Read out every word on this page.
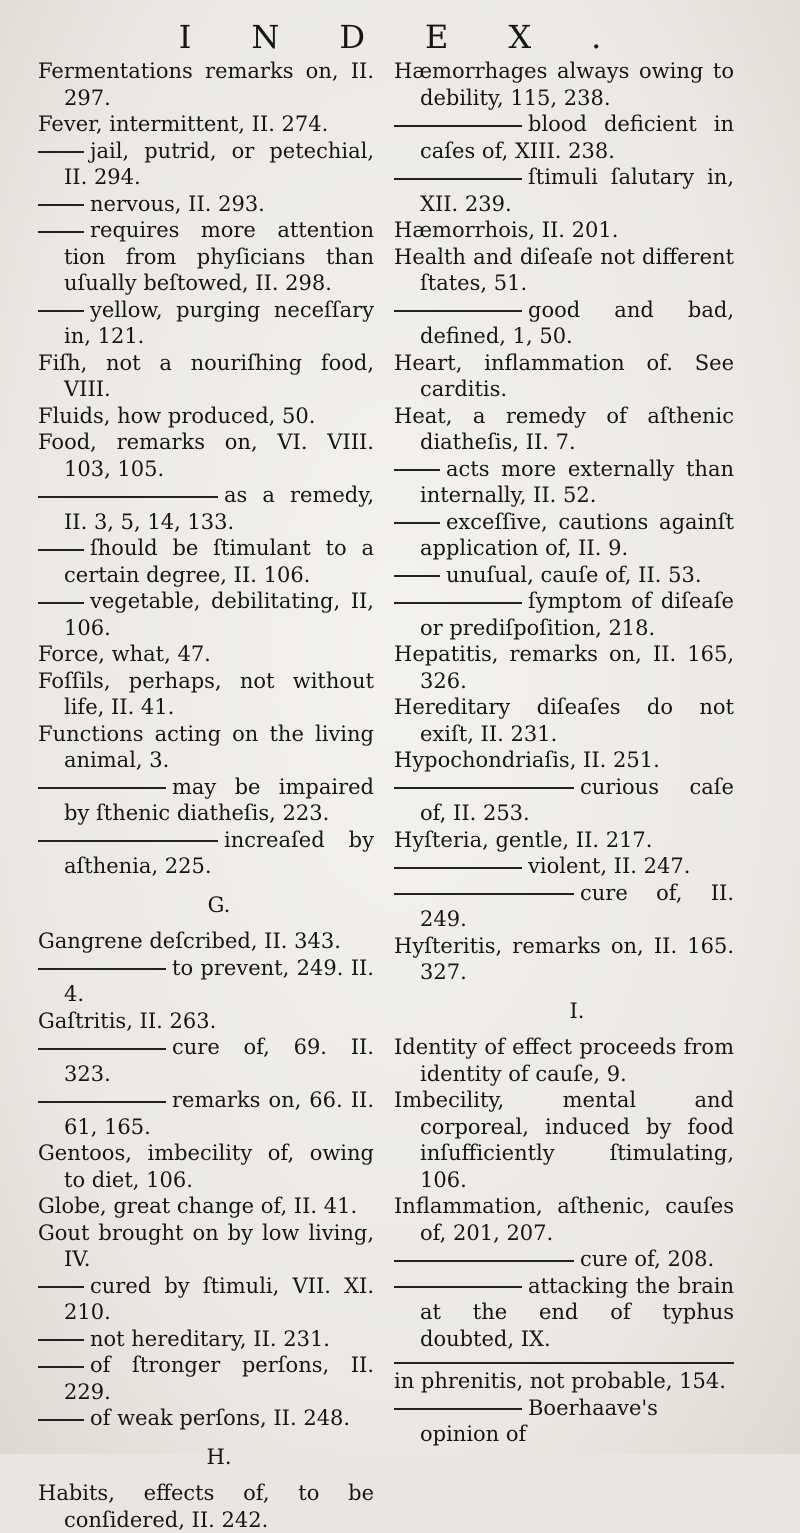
INDEX.
Fermentations remarks on, II. 297.
Fever, intermittent, II. 274.
jail, putrid, or petechial, II. 294.
nervous, II. 293.
requires more attention tion from phyſicians than uſually beſtowed, II. 298.
yellow, purging neceſſary in, 121.
Fiſh, not a nouriſhing food, VIII.
Fluids, how produced, 50.
Food, remarks on, VI. VIII. 103, 105.
as a remedy, II. 3, 5, 14, 133.
ſhould be ſtimulant to a certain degree, II. 106.
vegetable, debilitating, II, 106.
Force, what, 47.
Foſſils, perhaps, not without life, II. 41.
Functions acting on the living animal, 3.
may be impaired by ſthenic diatheſis, 223.
increaſed by aſthenia, 225.
G.
Gangrene deſcribed, II. 343.
to prevent, 249. II. 4.
Gaſtritis, II. 263.
cure of, 69. II. 323.
remarks on, 66. II. 61, 165.
Gentoos, imbecility of, owing to diet, 106.
Globe, great change of, II. 41.
Gout brought on by low living, IV.
cured by ſtimuli, VII. XI. 210.
not hereditary, II. 231.
of ſtronger perſons, II. 229.
of weak perſons, II. 248.
H.
Habits, effects of, to be conſidered, II. 242.
Hæmorrhages always owing to debility, 115, 238.
blood deficient in caſes of, XIII. 238.
ſtimuli ſalutary in, XII. 239.
Hæmorrhois, II. 201.
Health and diſeaſe not different ſtates, 51.
good and bad, defined, 1, 50.
Heart, inflammation of. See carditis.
Heat, a remedy of aſthenic diatheſis, II. 7.
acts more externally than internally, II. 52.
exceſſive, cautions againſt application of, II. 9.
unuſual, cauſe of, II. 53.
ſymptom of diſeaſe or prediſpoſition, 218.
Hepatitis, remarks on, II. 165, 326.
Hereditary diſeaſes do not exiſt, II. 231.
Hypochondriaſis, II. 251.
curious caſe of, II. 253.
Hyſteria, gentle, II. 217.
violent, II. 247.
cure of, II. 249.
Hyſteritis, remarks on, II. 165. 327.
I.
Identity of effect proceeds from identity of cauſe, 9.
Imbecility, mental and corporeal, induced by food inſufficiently ſtimulating, 106.
Inflammation, aſthenic, cauſes of, 201, 207.
cure of, 208.
attacking the brain at the end of typhus doubted, IX.
in phrenitis, not probable, 154.
Boerhaave's opinion of
